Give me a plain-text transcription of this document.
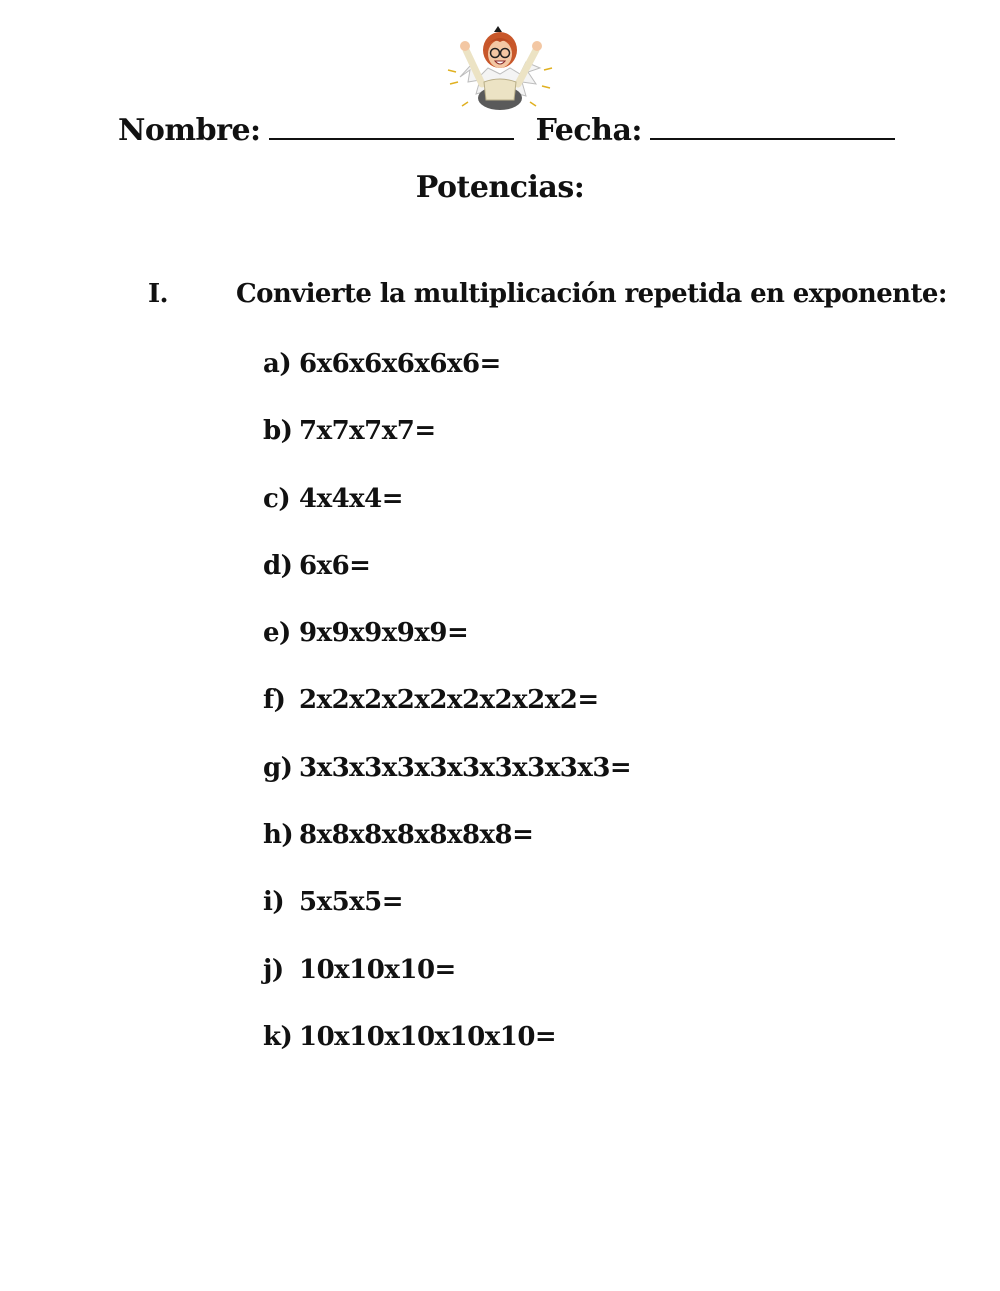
Nombre:	Fecha:
Potencias:
I.	Convierte la multiplicación repetida en exponente:
a) 6x6x6x6x6x6=
b) 7x7x7x7=
c) 4x4x4=
d) 6x6=
e) 9x9x9x9x9=
f) 2x2x2x2x2x2x2x2x2=
g) 3x3x3x3x3x3x3x3x3x3=
h) 8x8x8x8x8x8x8=
i) 5x5x5=
j) 10x10x10=
k) 10x10x10x10x10=
